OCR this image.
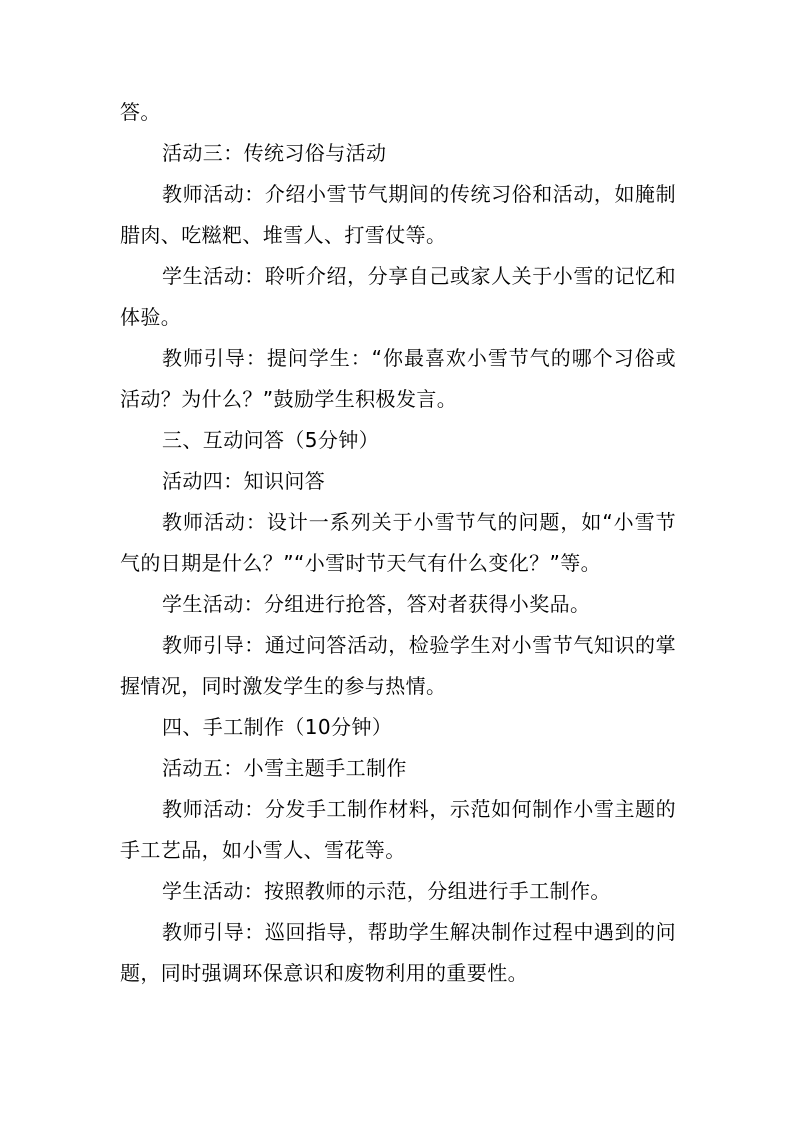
答。

活动三：传统习俗与活动

教师活动：介绍小雪节气期间的传统习俗和活动，如腌制腊肉、吃糍粑、堆雪人、打雪仗等。

学生活动：聆听介绍，分享自己或家人关于小雪的记忆和体验。

教师引导：提问学生：“你最喜欢小雪节气的哪个习俗或活动？为什么？”鼓励学生积极发言。

三、互动问答（5分钟）

活动四：知识问答

教师活动：设计一系列关于小雪节气的问题，如“小雪节气的日期是什么？”“小雪时节天气有什么变化？”等。

学生活动：分组进行抢答，答对者获得小奖品。

教师引导：通过问答活动，检验学生对小雪节气知识的掌握情况，同时激发学生的参与热情。

四、手工制作（10分钟）

活动五：小雪主题手工制作

教师活动：分发手工制作材料，示范如何制作小雪主题的手工艺品，如小雪人、雪花等。

学生活动：按照教师的示范，分组进行手工制作。

教师引导：巡回指导，帮助学生解决制作过程中遇到的问题，同时强调环保意识和废物利用的重要性。
